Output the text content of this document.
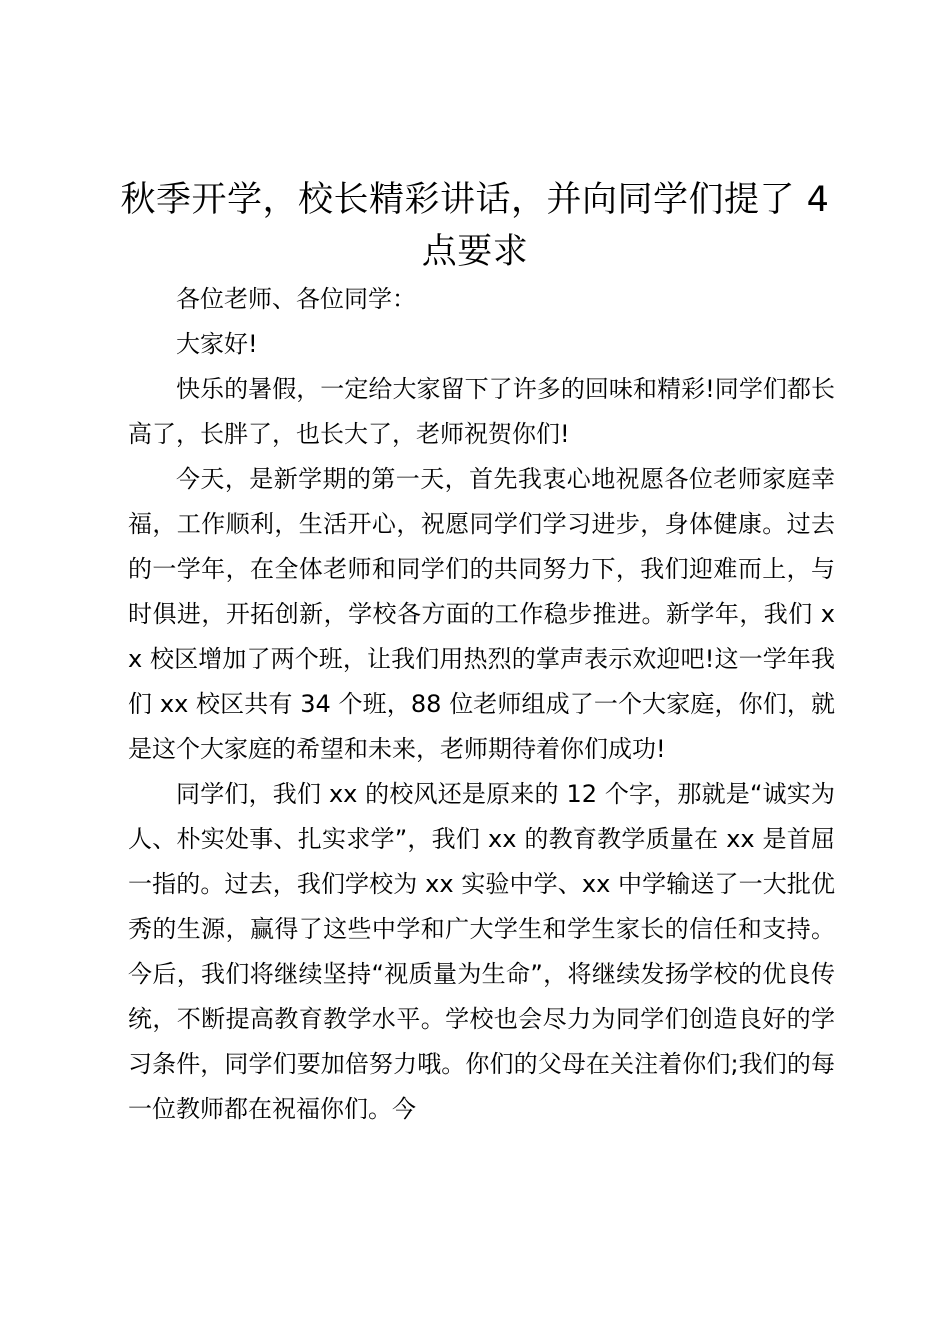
秋季开学，校长精彩讲话，并向同学们提了 4 点要求

各位老师、各位同学：

大家好!

快乐的暑假，一定给大家留下了许多的回味和精彩!同学们都长高了，长胖了，也长大了，老师祝贺你们!

今天，是新学期的第一天，首先我衷心地祝愿各位老师家庭幸福，工作顺利，生活开心，祝愿同学们学习进步，身体健康。过去的一学年，在全体老师和同学们的共同努力下，我们迎难而上，与时俱进，开拓创新，学校各方面的工作稳步推进。新学年，我们 xx 校区增加了两个班，让我们用热烈的掌声表示欢迎吧!这一学年我们 xx 校区共有 34 个班，88 位老师组成了一个大家庭，你们，就是这个大家庭的希望和未来，老师期待着你们成功!

同学们，我们 xx 的校风还是原来的 12 个字，那就是“诚实为人、朴实处事、扎实求学”，我们 xx 的教育教学质量在 xx 是首屈一指的。过去，我们学校为 xx 实验中学、xx 中学输送了一大批优秀的生源，赢得了这些中学和广大学生和学生家长的信任和支持。今后，我们将继续坚持“视质量为生命”，将继续发扬学校的优良传统，不断提高教育教学水平。学校也会尽力为同学们创造良好的学习条件，同学们要加倍努力哦。你们的父母在关注着你们;我们的每一位教师都在祝福你们。今
